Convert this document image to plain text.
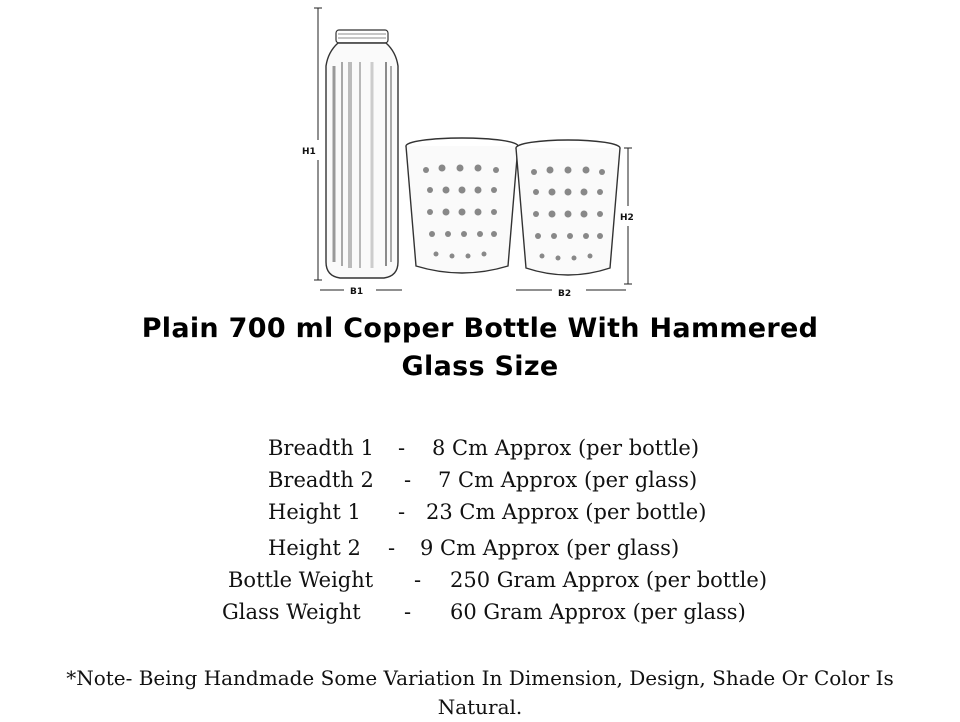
H1
B1
H2
B2
Plain 700 ml Copper Bottle With Hammered
Glass Size
Breadth 1 - 8 Cm Approx (per bottle)
Breadth 2 - 7 Cm Approx (per glass)
Height 1 - 23 Cm Approx (per bottle)
Height 2 - 9 Cm Approx (per glass)
Bottle Weight - 250 Gram Approx (per bottle)
Glass Weight - 60 Gram Approx (per glass)
*Note- Being Handmade Some Variation In Dimension, Design, Shade Or Color Is Natural.
